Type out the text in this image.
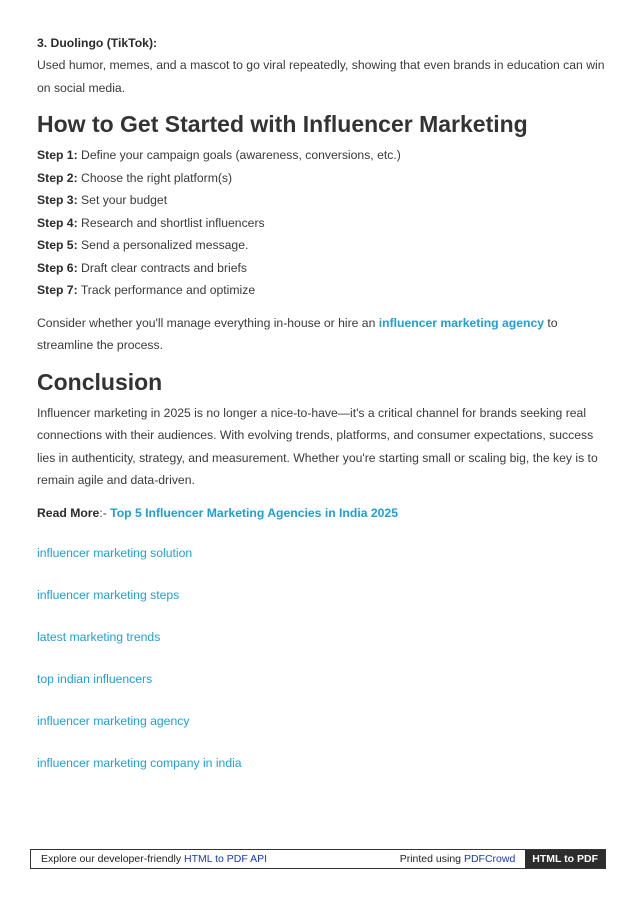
3. Duolingo (TikTok):

Used humor, memes, and a mascot to go viral repeatedly, showing that even brands in education can win on social media.

How to Get Started with Influencer Marketing

Step 1: Define your campaign goals (awareness, conversions, etc.)

Step 2: Choose the right platform(s)

Step 3: Set your budget

Step 4: Research and shortlist influencers

Step 5: Send a personalized message.

Step 6: Draft clear contracts and briefs

Step 7: Track performance and optimize

Consider whether you'll manage everything in-house or hire an influencer marketing agency to streamline the process.

Conclusion

Influencer marketing in 2025 is no longer a nice-to-have—it's a critical channel for brands seeking real connections with their audiences. With evolving trends, platforms, and consumer expectations, success lies in authenticity, strategy, and measurement. Whether you're starting small or scaling big, the key is to remain agile and data-driven.

Read More:- Top 5 Influencer Marketing Agencies in India 2025

influencer marketing solution
influencer marketing steps
latest marketing trends
top indian influencers
influencer marketing agency
influencer marketing company in india
Explore our developer-friendly HTML to PDF API	Printed using PDFCrowd	HTML to PDF
